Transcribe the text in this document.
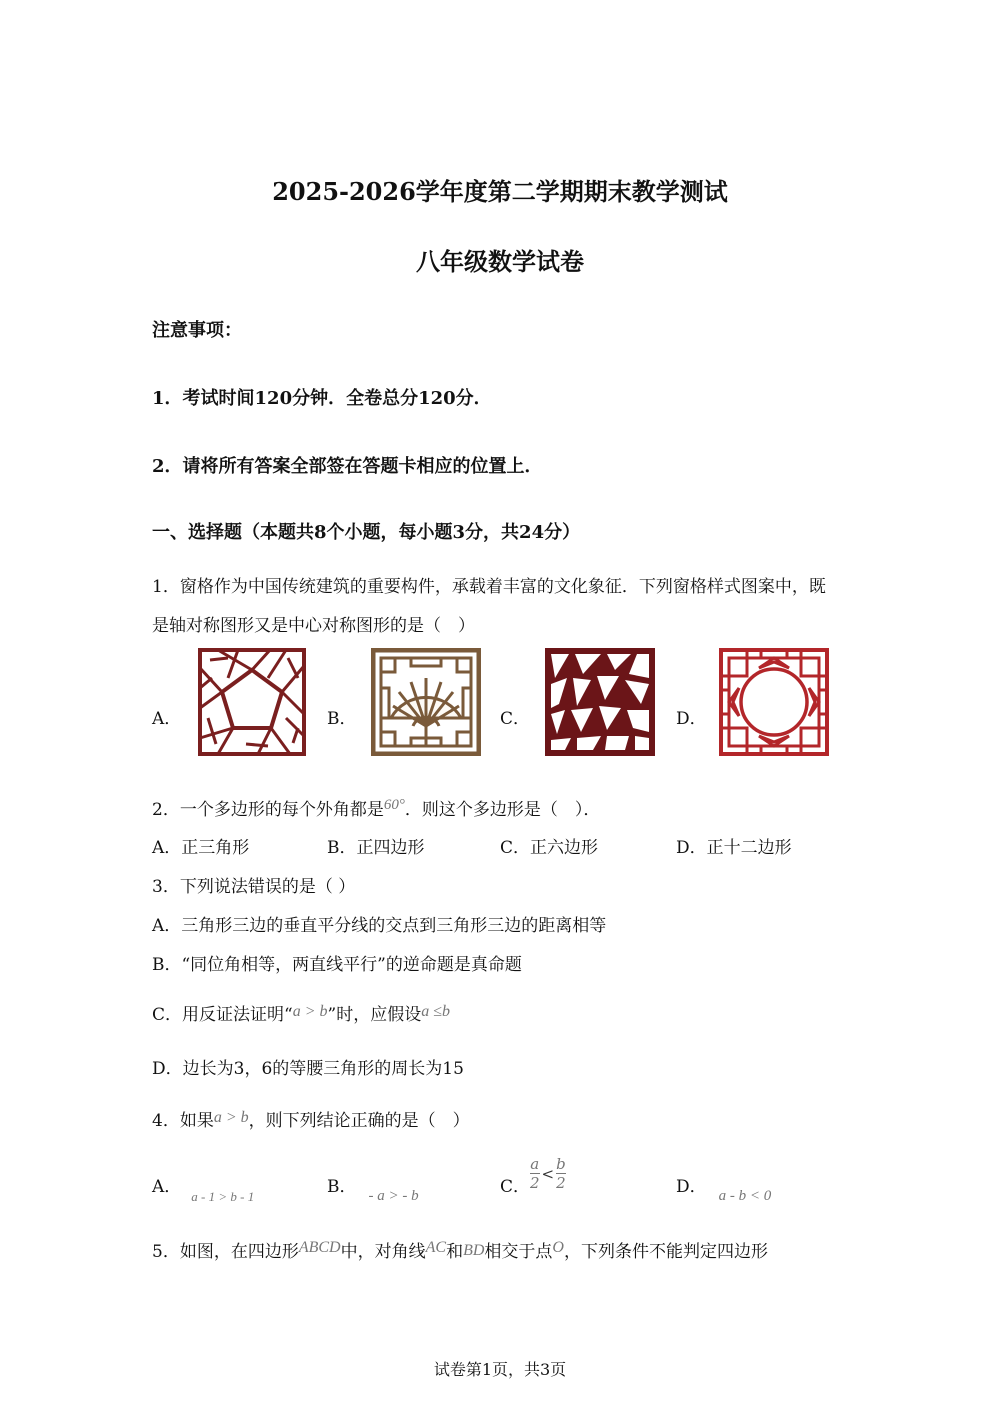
2025-2026学年度第二学期期末教学测试
八年级数学试卷
注意事项：
1．考试时间120分钟．全卷总分120分．
2．请将所有答案全部签在答题卡相应的位置上．
一、选择题（本题共8个小题，每小题3分，共24分）
1．窗格作为中国传统建筑的重要构件，承载着丰富的文化象征．下列窗格样式图案中，既
是轴对称图形又是中心对称图形的是（　）
A．	B．	C．	D．
2．一个多边形的每个外角都是60°．则这个多边形是（　）．
A．正三角形	B．正四边形	C．正六边形	D．正十二边形
3．下列说法错误的是（ ）
A．三角形三边的垂直平分线的交点到三角形三边的距离相等
B．“同位角相等，两直线平行”的逆命题是真命题
C．用反证法证明“a > b”时，应假设a ≤b
D．边长为3，6的等腰三角形的周长为15
4．如果a > b，则下列结论正确的是（　）
A． $_{a - 1 > b - 1}$	B． - a > - b	C． $\frac{a}{2} < \frac{b}{2}$	D． a - b < 0
5．如图，在四边形ABCD中，对角线AC和BD相交于点O，下列条件不能判定四边形
试卷第1页，共3页
